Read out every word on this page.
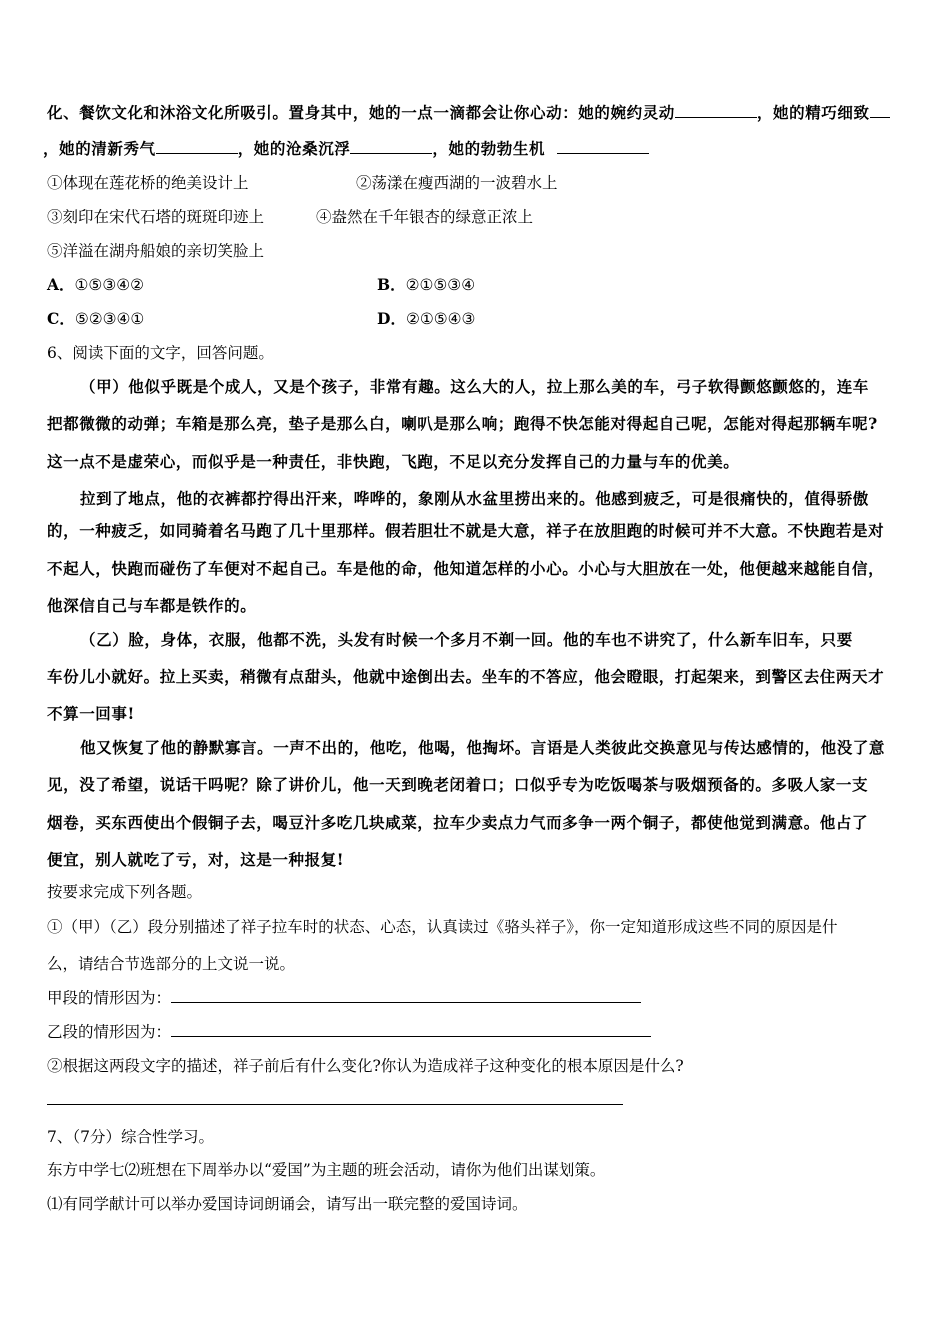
化、餐饮文化和沐浴文化所吸引。置身其中，她的一点一滴都会让你心动：她的婉约灵动	，她的精巧细致
，她的清新秀气	，她的沧桑沉浮	，她的勃勃生机
①体现在莲花桥的绝美设计上	②荡漾在瘦西湖的一波碧水上
③刻印在宋代石塔的斑斑印迹上	④盎然在千年银杏的绿意正浓上
⑤洋溢在湖舟船娘的亲切笑脸上
A．①⑤③④②	B．②①⑤③④
C．⑤②③④①	D．②①⑤④③
6、阅读下面的文字，回答问题。
（甲）他似乎既是个成人，又是个孩子，非常有趣。这么大的人，拉上那么美的车，弓子软得颤悠颤悠的，连车
把都微微的动弹；车箱是那么亮，垫子是那么白，喇叭是那么响；跑得不快怎能对得起自己呢，怎能对得起那辆车呢?
这一点不是虚荣心，而似乎是一种责任，非快跑，飞跑，不足以充分发挥自己的力量与车的优美。
拉到了地点，他的衣裤都拧得出汗来，哗哗的，象刚从水盆里捞出来的。他感到疲乏，可是很痛快的，值得骄傲
的，一种疲乏，如同骑着名马跑了几十里那样。假若胆壮不就是大意，祥子在放胆跑的时候可并不大意。不快跑若是对
不起人，快跑而碰伤了车便对不起自己。车是他的命，他知道怎样的小心。小心与大胆放在一处，他便越来越能自信，
他深信自己与车都是铁作的。
（乙）脸，身体，衣服，他都不洗，头发有时候一个多月不剃一回。他的车也不讲究了，什么新车旧车，只要
车份儿小就好。拉上买卖，稍微有点甜头，他就中途倒出去。坐车的不答应，他会瞪眼，打起架来，到警区去住两天才
不算一回事!
他又恢复了他的静默寡言。一声不出的，他吃，他喝，他掏坏。言语是人类彼此交换意见与传达感情的，他没了意
见，没了希望，说话干吗呢？除了讲价儿，他一天到晚老闭着口；口似乎专为吃饭喝茶与吸烟预备的。多吸人家一支
烟卷，买东西使出个假铜子去，喝豆汁多吃几块咸菜，拉车少卖点力气而多争一两个铜子，都使他觉到满意。他占了
便宜，别人就吃了亏，对，这是一种报复!
按要求完成下列各题。
①（甲）（乙）段分别描述了祥子拉车时的状态、心态，认真读过《骆头祥子》，你一定知道形成这些不同的原因是什
么，请结合节选部分的上文说一说。
甲段的情形因为：
乙段的情形因为：
②根据这两段文字的描述，祥子前后有什么变化?你认为造成祥子这种变化的根本原因是什么?
7、（7分）综合性学习。
东方中学七⑵班想在下周举办以“爱国”为主题的班会活动，请你为他们出谋划策。
⑴有同学献计可以举办爱国诗词朗诵会，请写出一联完整的爱国诗词。
